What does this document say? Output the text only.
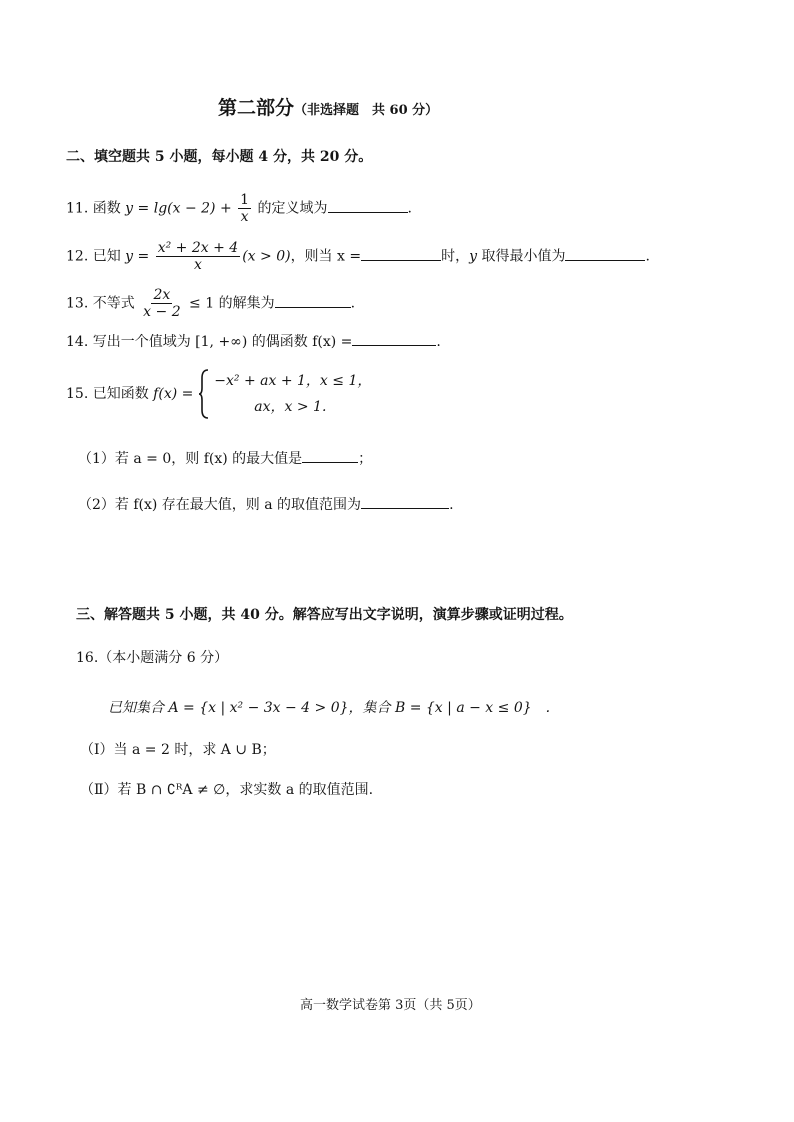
第二部分（非选择题　共 60 分）
二、填空题共 5 小题，每小题 4 分，共 20 分。
11. 函数 $y = \lg(x - 2) + \frac{1}{x}$ 的定义域为	.
12. 已知 $y = \frac{\text{x² + 2x + 4}}{x} (x > 0)$，则当 x =	时，y 取得最小值为	.
13. 不等式 $\frac{2x}{x - 2} \le 1$ 的解集为	.
14. 写出一个值域为 [1, +∞) 的偶函数 f(x) =	.
15. 已知函数 f(x) =  −x² + ax + 1，x ≤ 1，
ax，x > 1.
（1）若 a = 0，则 f(x) 的最大值是	；
（2）若 f(x) 存在最大值，则 a 的取值范围为	.
三、解答题共 5 小题，共 40 分。解答应写出文字说明，演算步骤或证明过程。
16.（本小题满分 6 分）
已知集合 A = {x | x² − 3x − 4 > 0}，集合 B = {x | a − x ≤ 0}　.
（Ⅰ）当 a = 2 时，求 A ∪ B；
（Ⅱ）若 B ∩ ∁ᴿA ≠ ∅，求实数 a 的取值范围.
高一数学试卷第 3页（共 5页）
